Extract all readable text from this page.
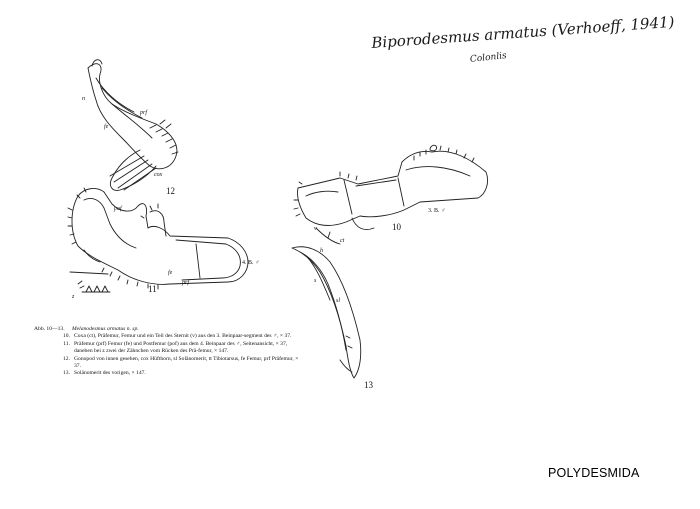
Biporodesmus armatus (Verhoeff, 1941)
Colonlis
12
11
10
13
n
fe
prf
cox
pof
z
fe
prf
4. B. ♂
3. B. ♂
v
ct
h
s
sl
Abb. 10—13.	Melanodesmus armatus n. sp.
10. Coxa (ct), Präfemur, Femur und ein Teil des Sternit (v) aus den 3. Beinpaar-segment des ♂, × 37.
11. Präfemur (prf) Femur (fe) und Postfemur (pof) aus dem 4. Beinpaar des ♂, Seitenansicht, × 37, daneben bei z zwei der Zähnchen vom Rücken des Prä-femur, × 147.
12. Gonopod von innen gesehen, cox Hüfthorn, sl Solänomerit, tt Tibiotarsus, fe Femur, prf Präfemur, × 37.
13. Solänomerit des vorigen, × 147.
POLYDESMIDA
